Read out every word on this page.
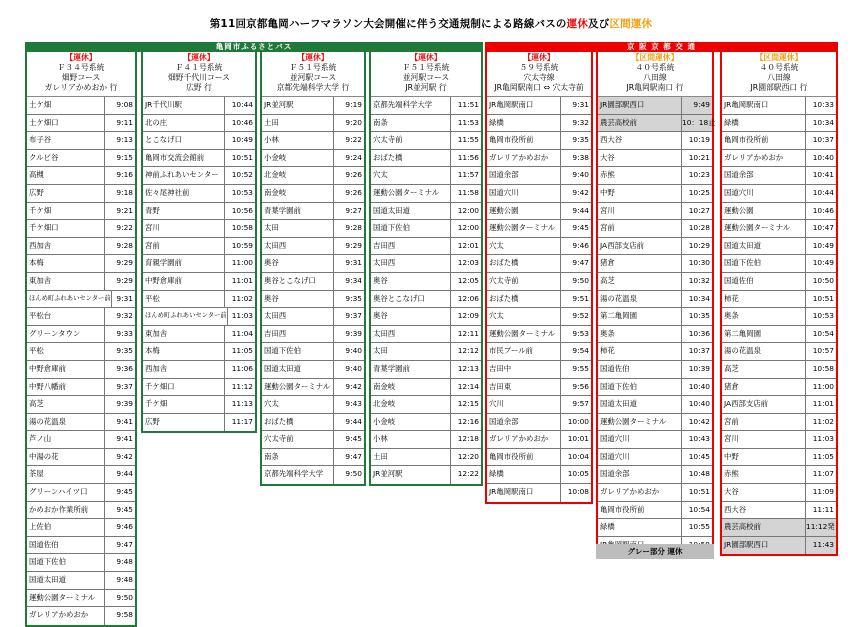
第11回京都亀岡ハーフマラソン大会開催に伴う交通規制による路線バスの運休及び区間運休
亀岡市ふるさとバス	京 阪 京 都 交 通
【運休】
Ｆ３４号系統
畑野コース
ガレリアかめおか 行
土ケ畑	9:08
土ケ畑口	9:11
布子谷	9:13
クルビ谷	9:15
高槻	9:16
広野	9:18
千ケ畑	9:21
千ケ畑口	9:22
西加舎	9:28
本梅	9:29
東加舎	9:29
ほんめ町ふれあいセンター前 9:31
平松台	9:32
グリーンタウン	9:33
平松	9:35
中野倉庫前	9:36
中野八幡前	9:37
高芝	9:39
湯の花温泉	9:41
芦ノ山	9:41
中湯の花	9:42
茶屋	9:44
グリーンハイツ口	9:45
かめおか作業所前	9:45
上佐伯	9:46
国道佐伯	9:47
国道下佐伯	9:48
国道太田道	9:48
運動公園ターミナル	9:50
ガレリアかめおか	9:58
【運休】
Ｆ４１号系統
畑野千代川コース
広野 行
JR千代川駅	10:44
北の庄	10:46
とこなげ口	10:49
亀岡市交流会館前	10:51
神前ふれあいセンター	10:52
佐々尾神社前	10:53
青野	10:56
宮川	10:58
宮前	10:59
育親学園前	11:00
中野倉庫前	11:01
平松	11:02
ほんめ町ふれあいセンター前 11:03
東加舎	11:04
本梅	11:05
西加舎	11:06
千ケ畑口	11:12
千ケ畑	11:13
広野	11:17
【運休】
Ｆ５１号系統
並河駅コース
京都先端科学大学 行
JR並河駅	9:19
土田	9:20
小林	9:22
小金岐	9:24
北金岐	9:26
南金岐	9:26
青葉学園前	9:27
太田	9:28
太田西	9:29
奥谷	9:31
奥谷とこなげ口	9:34
奥谷	9:35
太田西	9:37
吉田西	9:39
国道下佐伯	9:40
国道太田道	9:40
運動公園ターミナル	9:42
穴太	9:43
おばた橋	9:44
穴太寺前	9:45
南条	9:47
京都先端科学大学	9:50
【運休】
Ｆ５１号系統
並河駅コース
JR並河駅 行
京都先端科学大学	11:51
南条	11:53
穴太寺前	11:55
おばた橋	11:56
穴太	11:57
運動公園ターミナル	11:58
国道太田道	12:00
国道下佐伯	12:00
吉田西	12:01
太田西	12:03
奥谷	12:05
奥谷とこなげ口	12:06
奥谷	12:09
太田西	12:11
太田	12:12
青葉学園前	12:13
南金岐	12:14
北金岐	12:15
小金岐	12:16
小林	12:18
土田	12:20
JR並河駅	12:22
【運休】
５９号系統
穴太寺線
JR亀岡駅南口 ⇔ 穴太寺前
JR亀岡駅南口	9:31
緑橋	9:32
亀岡市役所前	9:35
ガレリアかめおか	9:38
国道余部	9:40
国道穴川	9:42
運動公園	9:44
運動公園ターミナル	9:45
穴太	9:46
おばた橋	9:47
穴太寺前	9:50
おばた橋	9:51
穴太	9:52
運動公園ターミナル	9:53
市民プール前	9:54
吉田中	9:55
吉田東	9:56
穴川	9:57
国道余部	10:00
ガレリアかめおか	10:01
亀岡市役所前	10:04
緑橋	10:05
JR亀岡駅南口	10:08
【区間運休】
４０号系統
八田線
JR亀岡駅南口 行
JR園部駅西口	9:49
農芸高校前	10：18止
西大谷	10:19
大谷	10:21
赤熊	10:23
中野	10:25
宮川	10:27
宮前	10:28
JA西部支店前	10:29
猪倉	10:30
高芝	10:32
湯の花温泉	10:34
第二亀岡園	10:35
奥条	10:36
柿花	10:37
国道佐伯	10:39
国道下佐伯	10:40
国道太田道	10:40
運動公園ターミナル	10:42
国道穴川	10:43
国道穴川	10:45
国道余部	10:48
ガレリアかめおか	10:51
亀岡市役所前	10:54
緑橋	10:55
【区間運休】
４０号系統
八田線
JR園部駅西口 行
JR亀岡駅南口	10:33
緑橋	10:34
亀岡市役所前	10:37
ガレリアかめおか	10:40
国道余部	10:41
国道穴川	10:44
運動公園	10:46
運動公園ターミナル	10:47
国道太田道	10:49
国道下佐伯	10:49
国道佐伯	10:50
柿花	10:51
奥条	10:53
第二亀岡園	10:54
湯の花温泉	10:57
高芝	10:58
猪倉	11:00
JA西部支店前	11:01
宮前	11:02
宮川	11:03
中野	11:05
赤熊	11:07
大谷	11:09
西大谷	11:11
農芸高校前	11:12発
JR園部駅西口	11:43
グレー部分 運休
